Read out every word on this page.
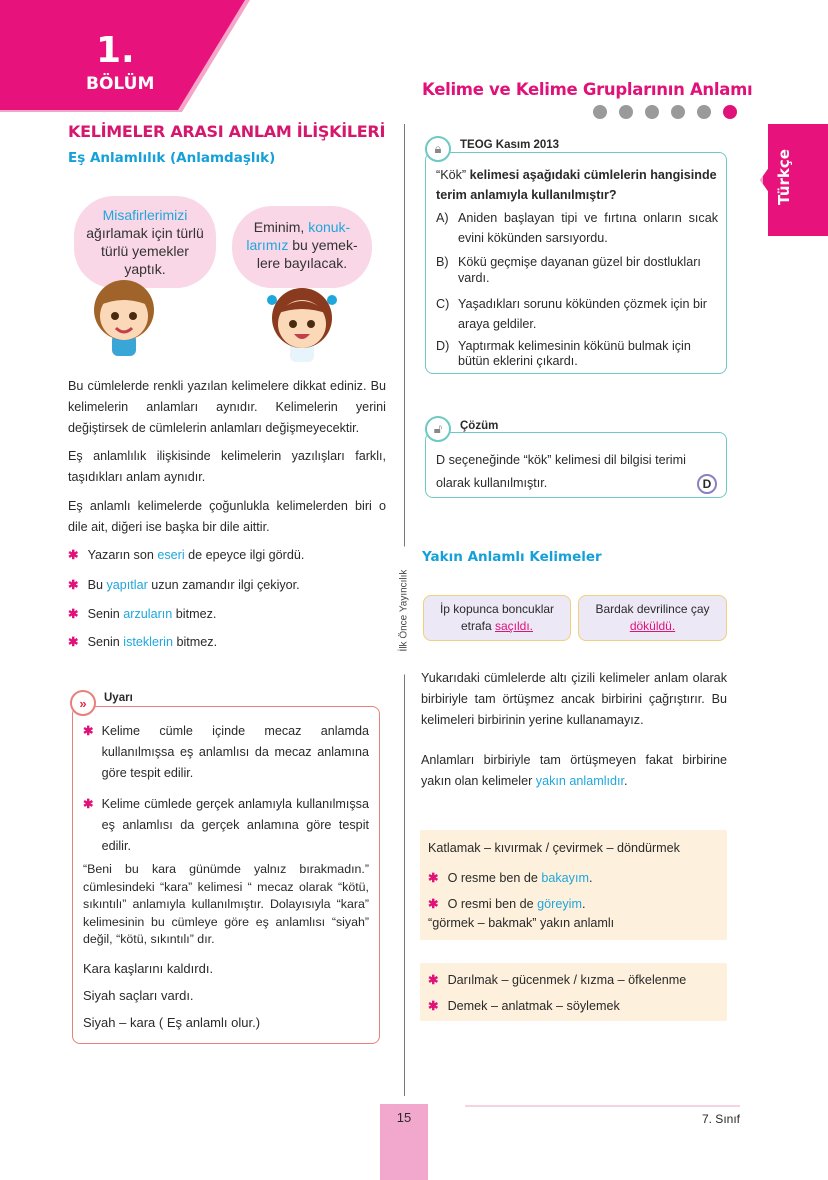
1.
BÖLÜM
KELİMELER ARASI ANLAM İLİŞKİLERİ
Eş Anlamlılık (Anlamdaşlık)
Misafirlerimizi
ağırlamak için türlü türlü yemekler yaptık.
Eminim, konuk-larımız bu yemek-lere bayılacak.

Bu cümlelerde renkli yazılan kelimelere dikkat ediniz. Bu kelimelerin anlamları aynıdır. Kelimelerin yerini değiştirsek de cümlelerin anlamları değişmeyecektir.

Eş anlamlılık ilişkisinde kelimelerin yazılışları farklı, taşıdıkları anlam aynıdır.

Eş anlamlı kelimelerde çoğunlukla kelimelerden biri o dile ait, diğeri ise başka bir dile aittir.

✱ Yazarın son eseri de epeyce ilgi gördü.
✱ Bu yapıtlar uzun zamandır ilgi çekiyor.
✱ Senin arzuların bitmez.
✱ Senin isteklerin bitmez.
✱ Kelime cümle içinde mecaz anlamda kullanılmışsa eş anlamlısı da mecaz anlamına göre tespit edilir.
✱ Kelime cümlede gerçek anlamıyla kullanılmışsa eş anlamlısı da gerçek anlamına göre tespit edilir.
“Beni bu kara günümde yalnız bırakmadın.” cümlesindeki “kara” kelimesi “ mecaz olarak “kötü, sıkıntılı” anlamıyla kullanılmıştır. Dolayısıyla “kara” kelimesinin bu cümleye göre eş anlamlısı “siyah” değil, “kötü, sıkıntılı” dır.
Kara kaşlarını kaldırdı.
Siyah saçları vardı.
Siyah – kara ( Eş anlamlı olur.)
»	Uyarı
İlk Önce Yayıncılık
Kelime ve Kelime Gruplarının Anlamı
Türkçe
“Kök” kelimesi aşağıdaki cümlelerin hangisinde terim anlamıyla kullanılmıştır?
A) Aniden başlayan tipi ve fırtına onların sıcak evini kökünden sarsıyordu.
B) Kökü geçmişe dayanan güzel bir dostlukları vardı.
C) Yaşadıkları sorunu kökünden çözmek için bir araya geldiler.
D) Yaptırmak kelimesinin kökünü bulmak için bütün eklerini çıkardı.
🔒︎	TEOG Kasım 2013
D seçeneğinde “kök” kelimesi dil bilgisi terimi olarak kullanılmıştır.	D
🔓︎	Çözüm
Yakın Anlamlı Kelimeler
İp kopunca boncuklar etrafa saçıldı.
Bardak devrilince çay döküldü.

Yukarıdaki cümlelerde altı çizili kelimeler anlam olarak birbiriyle tam örtüşmez ancak birbirini çağrıştırır. Bu kelimeleri birbirinin yerine kullanamayız.

Anlamları birbiriyle tam örtüşmeyen fakat birbirine yakın olan kelimeler yakın anlamlıdır.

Katlamak – kıvırmak / çevirmek – döndürmek
✱ O resme ben de bakayım.
✱ O resmi ben de göreyim.
“görmek – bakmak” yakın anlamlı
✱ Darılmak – gücenmek / kızma – öfkelenme
✱ Demek – anlatmak – söylemek
15	7. Sınıf
